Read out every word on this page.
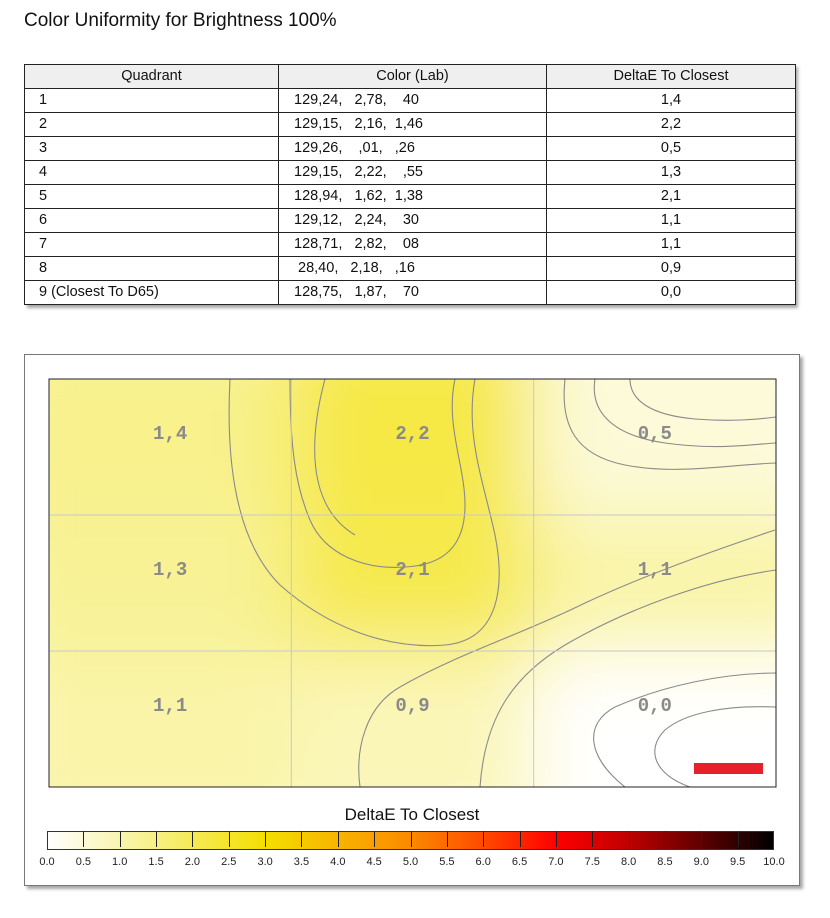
Color Uniformity for Brightness 100%
Quadrant	Color (Lab)	DeltaE To Closest
1	129,24,   2,78,    40	1,4
2	129,15,   2,16,  1,46	2,2
3	129,26,    ,01,   ,26	0,5
4	129,15,   2,22,    ,55	1,3
5	128,94,   1,62,  1,38	2,1
6	129,12,   2,24,    30	1,1
7	128,71,   2,82,    08	1,1
8	28,40,   2,18,   ,16	0,9
9 (Closest To D65)	128,75,   1,87,    70	0,0
1,4	2,2	0,5
1,3	2,1	1,1
1,1	0,9	0,0
DeltaE To Closest
0.0 0.5 1.0 1.5 2.0 2.5 3.0 3.5 4.0 4.5 5.0 5.5 6.0 6.5 7.0 7.5 8.0 8.5 9.0 9.5 10.0
